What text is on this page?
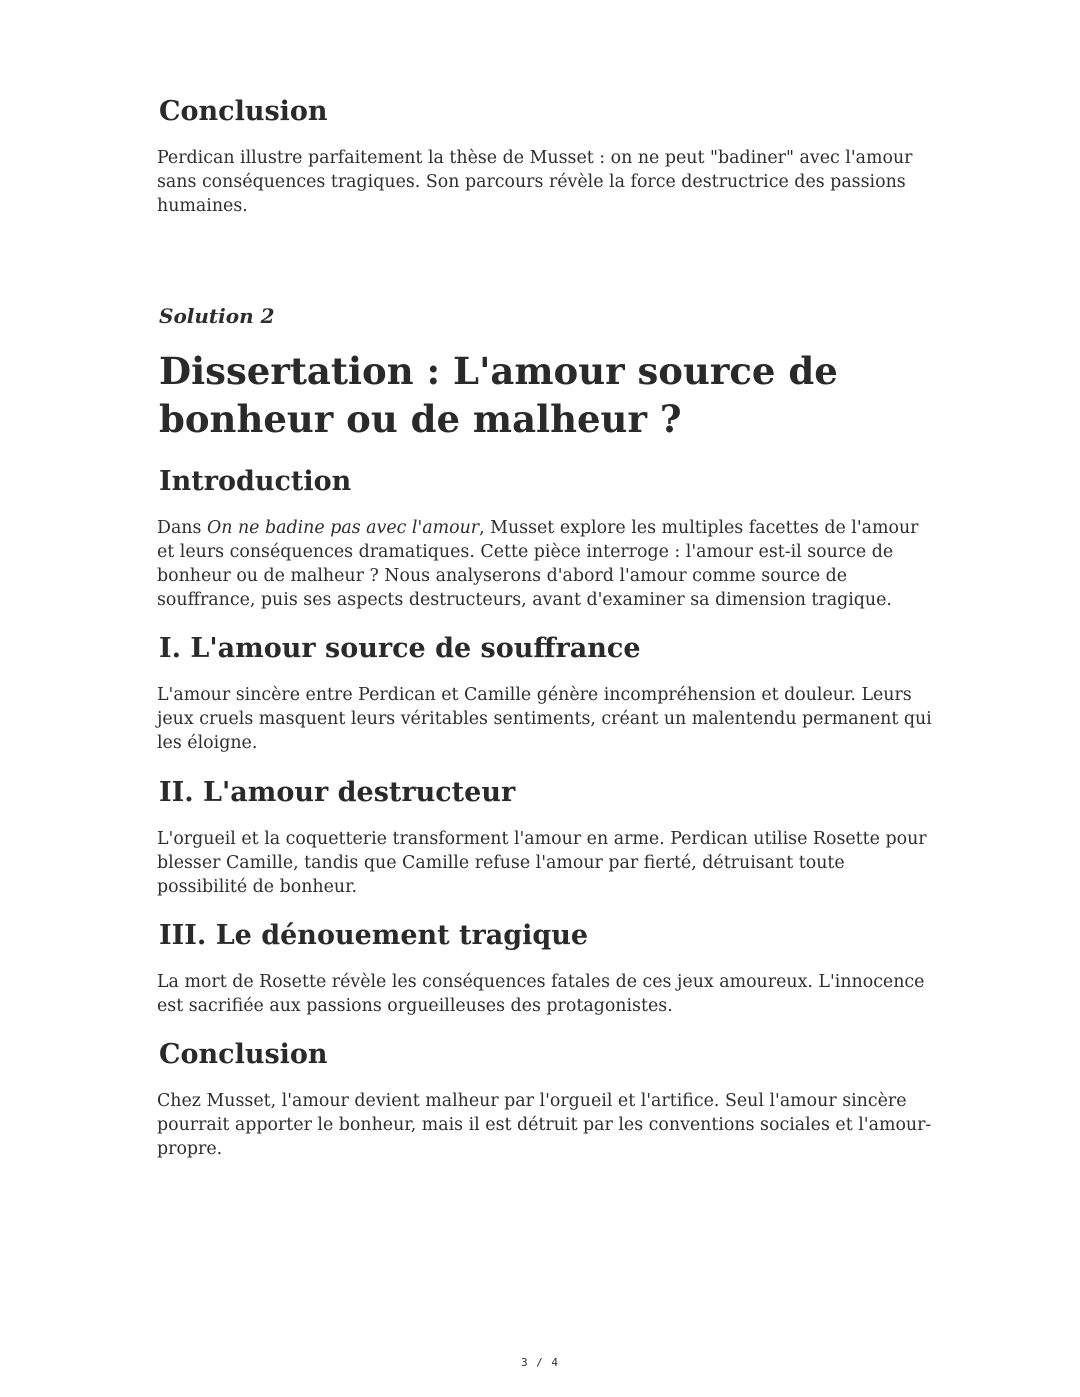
Conclusion

Perdican illustre parfaitement la thèse de Musset : on ne peut "badiner" avec l'amour sans conséquences tragiques. Son parcours révèle la force destructrice des passions humaines.

Solution 2

Dissertation : L'amour source de bonheur ou de malheur ?
Introduction

Dans On ne badine pas avec l'amour, Musset explore les multiples facettes de l'amour et leurs conséquences dramatiques. Cette pièce interroge : l'amour est-il source de bonheur ou de malheur ? Nous analyserons d'abord l'amour comme source de souffrance, puis ses aspects destructeurs, avant d'examiner sa dimension tragique.

I. L'amour source de souffrance

L'amour sincère entre Perdican et Camille génère incompréhension et douleur. Leurs jeux cruels masquent leurs véritables sentiments, créant un malentendu permanent qui les éloigne.

II. L'amour destructeur

L'orgueil et la coquetterie transforment l'amour en arme. Perdican utilise Rosette pour blesser Camille, tandis que Camille refuse l'amour par fierté, détruisant toute possibilité de bonheur.

III. Le dénouement tragique

La mort de Rosette révèle les conséquences fatales de ces jeux amoureux. L'innocence est sacrifiée aux passions orgueilleuses des protagonistes.

Conclusion

Chez Musset, l'amour devient malheur par l'orgueil et l'artifice. Seul l'amour sincère pourrait apporter le bonheur, mais il est détruit par les conventions sociales et l'amour-propre.

3 / 4
